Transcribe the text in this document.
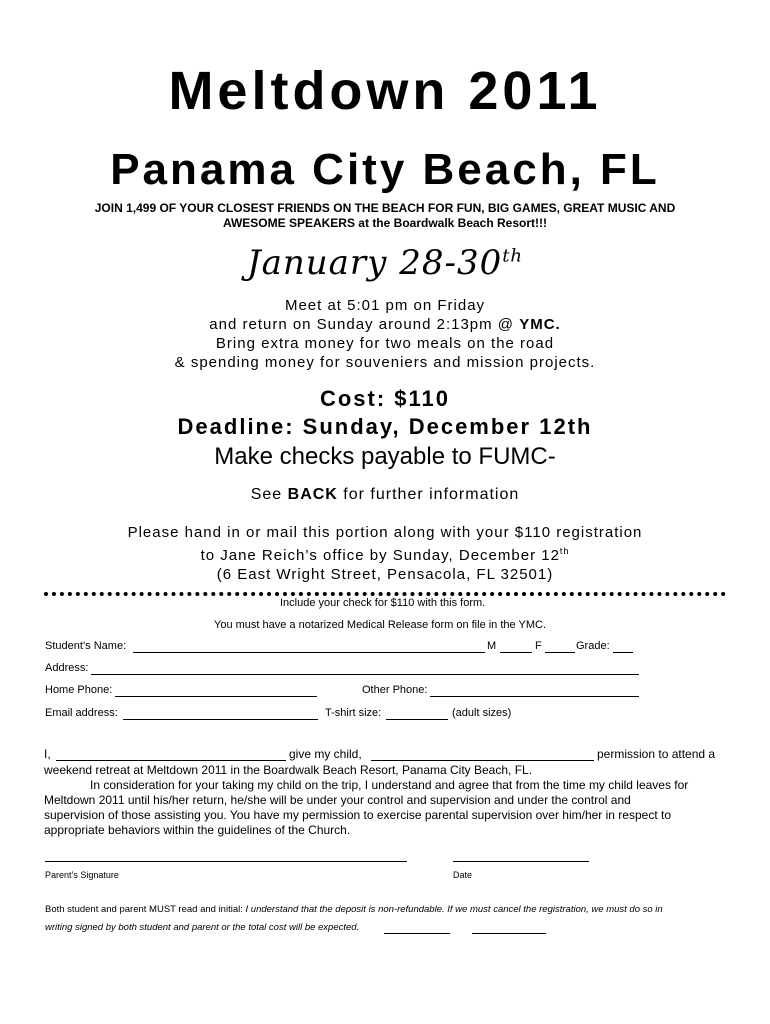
Meltdown 2011
Panama City Beach, FL
JOIN 1,499 OF YOUR CLOSEST FRIENDS ON THE BEACH FOR FUN, BIG GAMES, GREAT MUSIC AND
AWESOME SPEAKERS at the Boardwalk Beach Resort!!!
January 28-30th
Meet at 5:01 pm on Friday
and return on Sunday around 2:13pm @ YMC.
Bring extra money for two meals on the road
& spending money for souveniers and mission projects.
Cost: $110
Deadline: Sunday, December 12th
Make checks payable to FUMC-
See BACK for further information
Please hand in or mail this portion along with your $110 registration
to Jane Reich’s office by Sunday, December 12th
(6 East Wright Street, Pensacola, FL 32501)
Include your check for $110 with this form.
You must have a notarized Medical Release form on file in the YMC.
Student’s Name:	M	F	Grade:
Address:
Home Phone:	Other Phone:
Email address:	T-shirt size:	(adult sizes)
I,	give my child,	permission to attend a
weekend retreat at Meltdown 2011 in the Boardwalk Beach Resort, Panama City Beach, FL.
In consideration for your taking my child on the trip, I understand and agree that from the time my child leaves for
Meltdown 2011 until his/her return, he/she will be under your control and supervision and under the control and
supervision of those assisting you. You have my permission to exercise parental supervision over him/her in respect to
appropriate behaviors within the guidelines of the Church.
Parent’s Signature	Date
Both student and parent MUST read and initial: I understand that the deposit is non-refundable. If we must cancel the registration, we must do so in
writing signed by both student and parent or the total cost will be expected.
